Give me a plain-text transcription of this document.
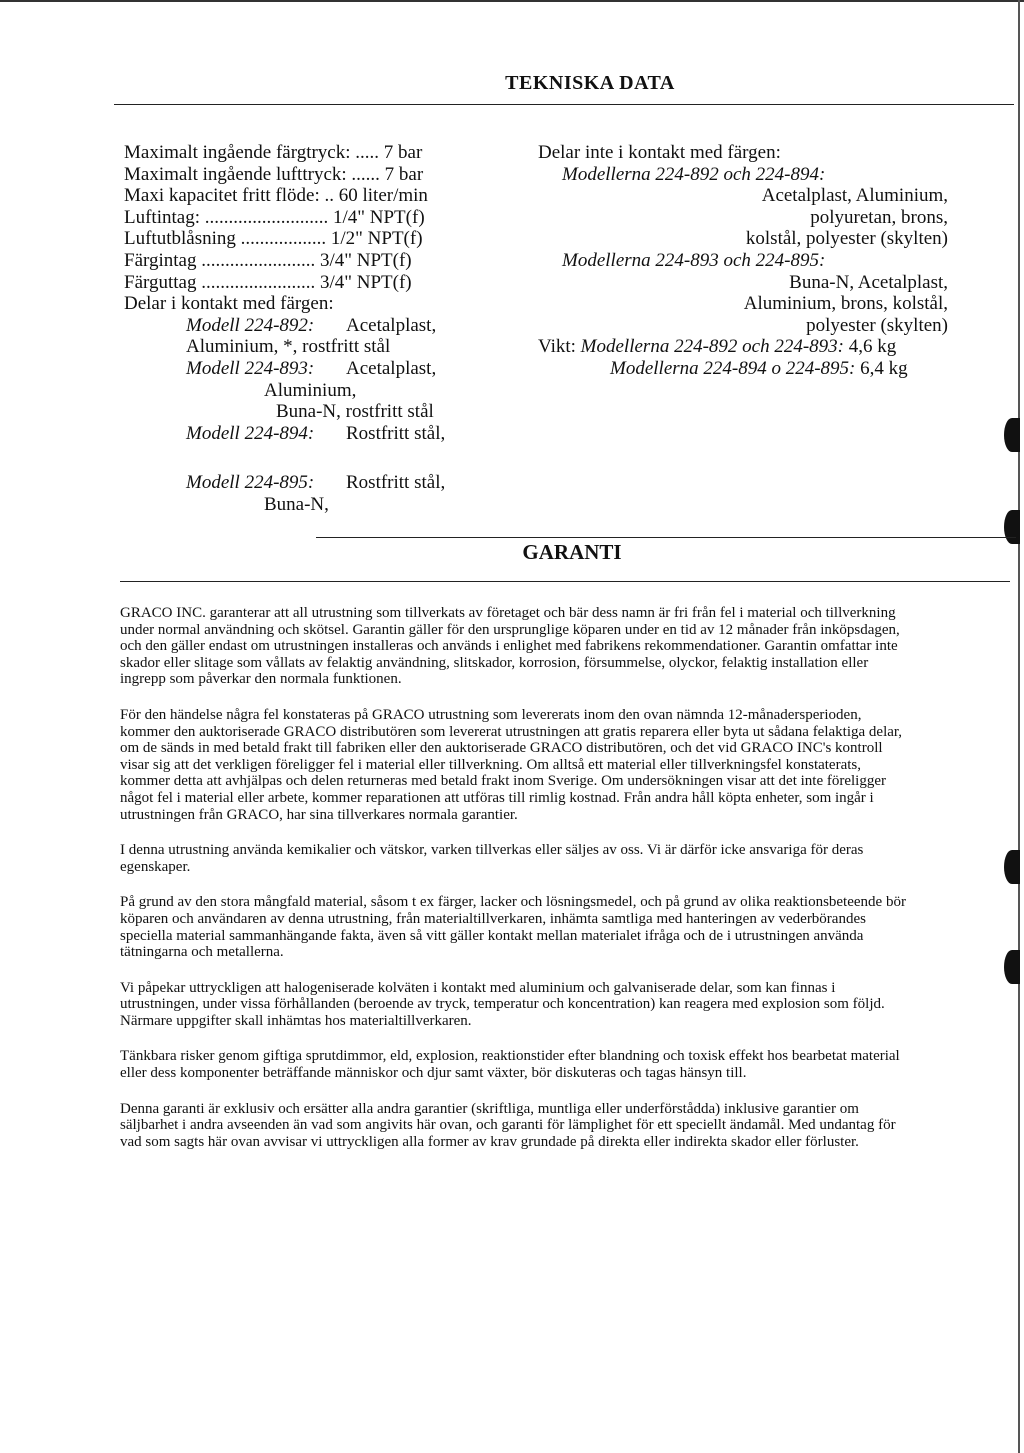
TEKNISKA DATA
Maximalt ingående färgtryck: ..... 7 bar
Maximalt ingående lufttryck: ...... 7 bar
Maxi kapacitet fritt flöde: .. 60 liter/min
Luftintag: .......................... 1/4" NPT(f)
Luftutblåsning .................. 1/2" NPT(f)
Färgintag ........................ 3/4" NPT(f)
Färguttag ........................ 3/4" NPT(f)
Delar i kontakt med färgen:
Modell 224-892: Acetalplast,
Aluminium, *, rostfritt stål
Modell 224-893: Acetalplast,
Aluminium,
Buna-N, rostfritt stål
Modell 224-894: Rostfritt stål,
Modell 224-895: Rostfritt stål,
Buna-N,
Delar inte i kontakt med färgen:
Modellerna 224-892 och 224-894:
Acetalplast, Aluminium,
polyuretan, brons,
kolstål, polyester (skylten)
Modellerna 224-893 och 224-895:
Buna-N, Acetalplast,
Aluminium, brons, kolstål,
polyester (skylten)
Vikt: Modellerna 224-892 och 224-893: 4,6 kg
Modellerna 224-894 o 224-895: 6,4 kg
GARANTI

GRACO INC. garanterar att all utrustning som tillverkats av företaget och bär dess namn är fri från fel i material och tillverkning under normal användning och skötsel. Garantin gäller för den ursprunglige köparen under en tid av 12 månader från inköpsdagen, och den gäller endast om utrustningen installeras och används i enlighet med fabrikens rekommendationer. Garantin omfattar inte skador eller slitage som vållats av felaktig användning, slitskador, korrosion, försummelse, olyckor, felaktig installation eller ingrepp som påverkar den normala funktionen.

För den händelse några fel konstateras på GRACO utrustning som levererats inom den ovan nämnda 12-månadersperioden, kommer den auktoriserade GRACO distributören som levererat utrustningen att gratis reparera eller byta ut sådana felaktiga delar, om de sänds in med betald frakt till fabriken eller den auktoriserade GRACO distributören, och det vid GRACO INC's kontroll visar sig att det verkligen föreligger fel i material eller tillverkning. Om alltså ett material eller tillverkningsfel konstaterats, kommer detta att avhjälpas och delen returneras med betald frakt inom Sverige. Om undersökningen visar att det inte föreligger något fel i material eller arbete, kommer reparationen att utföras till rimlig kostnad. Från andra håll köpta enheter, som ingår i utrustningen från GRACO, har sina tillverkares normala garantier.

I denna utrustning använda kemikalier och vätskor, varken tillverkas eller säljes av oss. Vi är därför icke ansvariga för deras egenskaper.

På grund av den stora mångfald material, såsom t ex färger, lacker och lösningsmedel, och på grund av olika reaktionsbeteende bör köparen och användaren av denna utrustning, från materialtillverkaren, inhämta samtliga med hanteringen av vederbörandes speciella material sammanhängande fakta, även så vitt gäller kontakt mellan materialet ifråga och de i utrustningen använda tätningarna och metallerna.

Vi påpekar uttryckligen att halogeniserade kolväten i kontakt med aluminium och galvaniserade delar, som kan finnas i utrustningen, under vissa förhållanden (beroende av tryck, temperatur och koncentration) kan reagera med explosion som följd. Närmare uppgifter skall inhämtas hos materialtillverkaren.

Tänkbara risker genom giftiga sprutdimmor, eld, explosion, reaktionstider efter blandning och toxisk effekt hos bearbetat material eller dess komponenter beträffande människor och djur samt växter, bör diskuteras och tagas hänsyn till.

Denna garanti är exklusiv och ersätter alla andra garantier (skriftliga, muntliga eller underförstådda) inklusive garantier om säljbarhet i andra avseenden än vad som angivits här ovan, och garanti för lämplighet för ett speciellt ändamål. Med undantag för vad som sagts här ovan avvisar vi uttryckligen alla former av krav grundade på direkta eller indirekta skador eller förluster.
